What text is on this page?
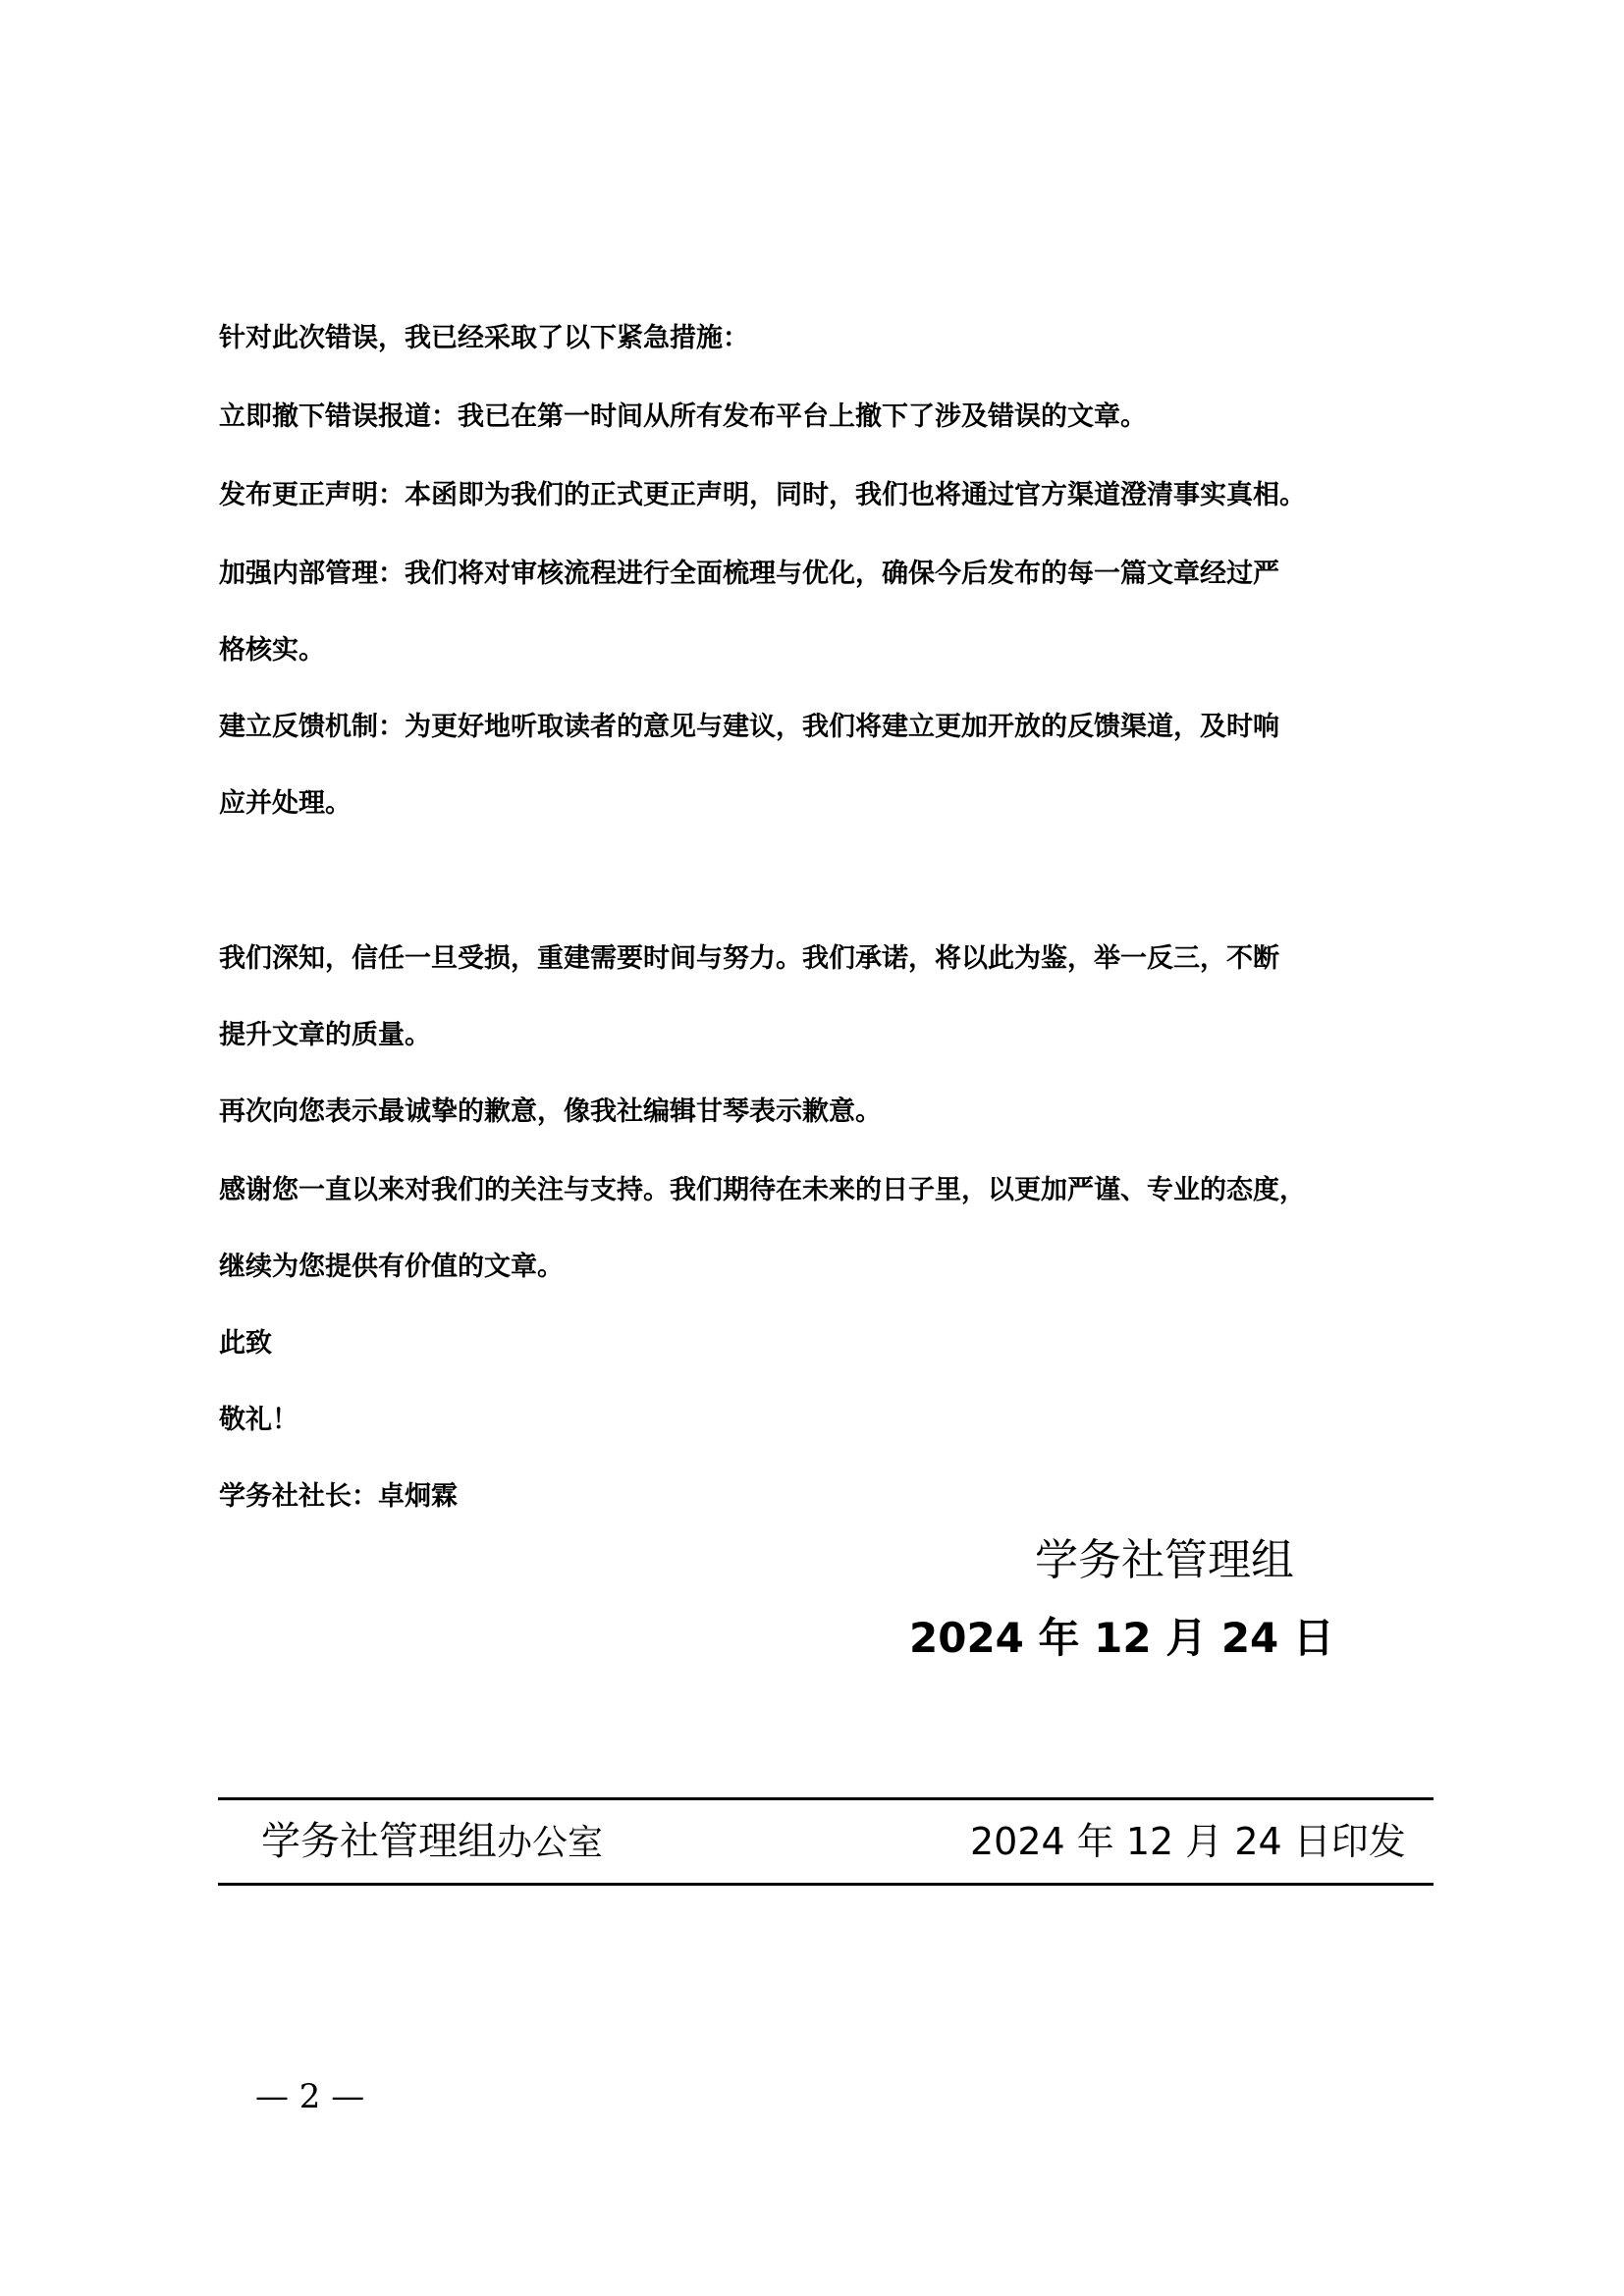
针对此次错误，我已经采取了以下紧急措施：

立即撤下错误报道：我已在第一时间从所有发布平台上撤下了涉及错误的文章。

发布更正声明：本函即为我们的正式更正声明，同时，我们也将通过官方渠道澄清事实真相。

加强内部管理：我们将对审核流程进行全面梳理与优化，确保今后发布的每一篇文章经过严

格核实。

建立反馈机制：为更好地听取读者的意见与建议，我们将建立更加开放的反馈渠道，及时响

应并处理。

我们深知，信任一旦受损，重建需要时间与努力。我们承诺，将以此为鉴，举一反三，不断

提升文章的质量。

再次向您表示最诚挚的歉意，像我社编辑甘琴表示歉意。

感谢您一直以来对我们的关注与支持。我们期待在未来的日子里，以更加严谨、专业的态度，

继续为您提供有价值的文章。

此致

敬礼！

学务社社长：卓炯霖

学务社管理组

2024 年 12 月 24 日

学务社管理组办公室	2024 年 12 月 24 日印发
— 2 —
